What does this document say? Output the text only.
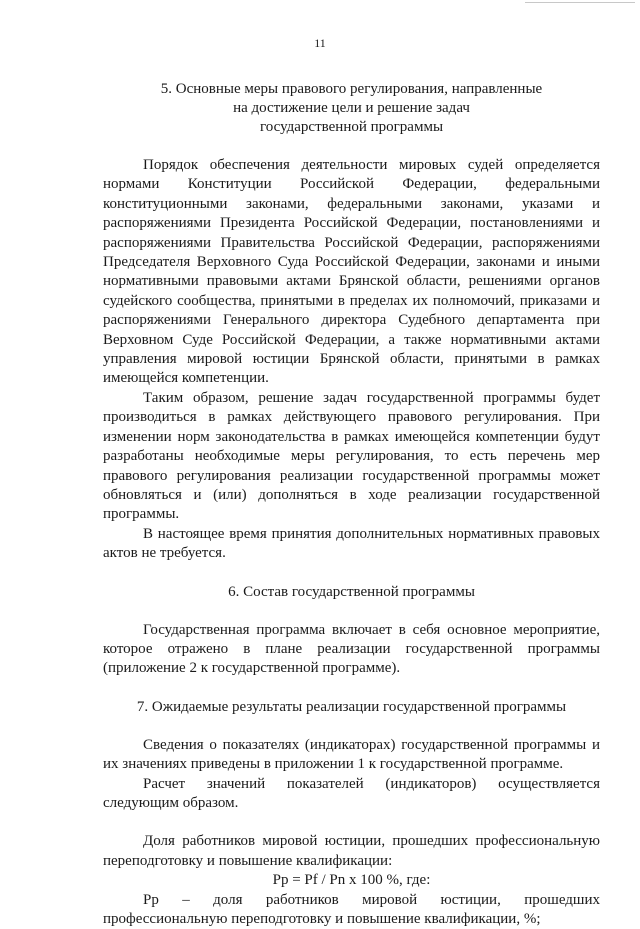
11
5. Основные меры правового регулирования, направленные
на достижение цели и решение задач
государственной программы

Порядок обеспечения деятельности мировых судей определяется нормами Конституции Российской Федерации, федеральными конституционными законами, федеральными законами, указами и распоряжениями Президента Российской Федерации, постановлениями и распоряжениями Правительства Российской Федерации, распоряжениями Председателя Верховного Суда Российской Федерации, законами и иными нормативными правовыми актами Брянской области, решениями органов судейского сообщества, принятыми в пределах их полномочий, приказами и распоряжениями Генерального директора Судебного департамента при Верховном Суде Российской Федерации, а также нормативными актами управления мировой юстиции Брянской области, принятыми в рамках имеющейся компетенции.

Таким образом, решение задач государственной программы будет производиться в рамках действующего правового регулирования. При изменении норм законодательства в рамках имеющейся компетенции будут разработаны необходимые меры регулирования, то есть перечень мер правового регулирования реализации государственной программы может обновляться и (или) дополняться в ходе реализации государственной программы.

В настоящее время принятия дополнительных нормативных правовых актов не требуется.

6. Состав государственной программы

Государственная программа включает в себя основное мероприятие, которое отражено в плане реализации государственной программы (приложение 2 к государственной программе).

7. Ожидаемые результаты реализации государственной программы

Сведения о показателях (индикаторах) государственной программы и их значениях приведены в приложении 1 к государственной программе.

Расчет значений показателей (индикаторов) осуществляется следующим образом.

Доля работников мировой юстиции, прошедших профессиональную переподготовку и повышение квалификации:

Pp = Pf / Pn x 100 %, где:

Pp – доля работников мировой юстиции, прошедших профессиональную переподготовку и повышение квалификации, %;
